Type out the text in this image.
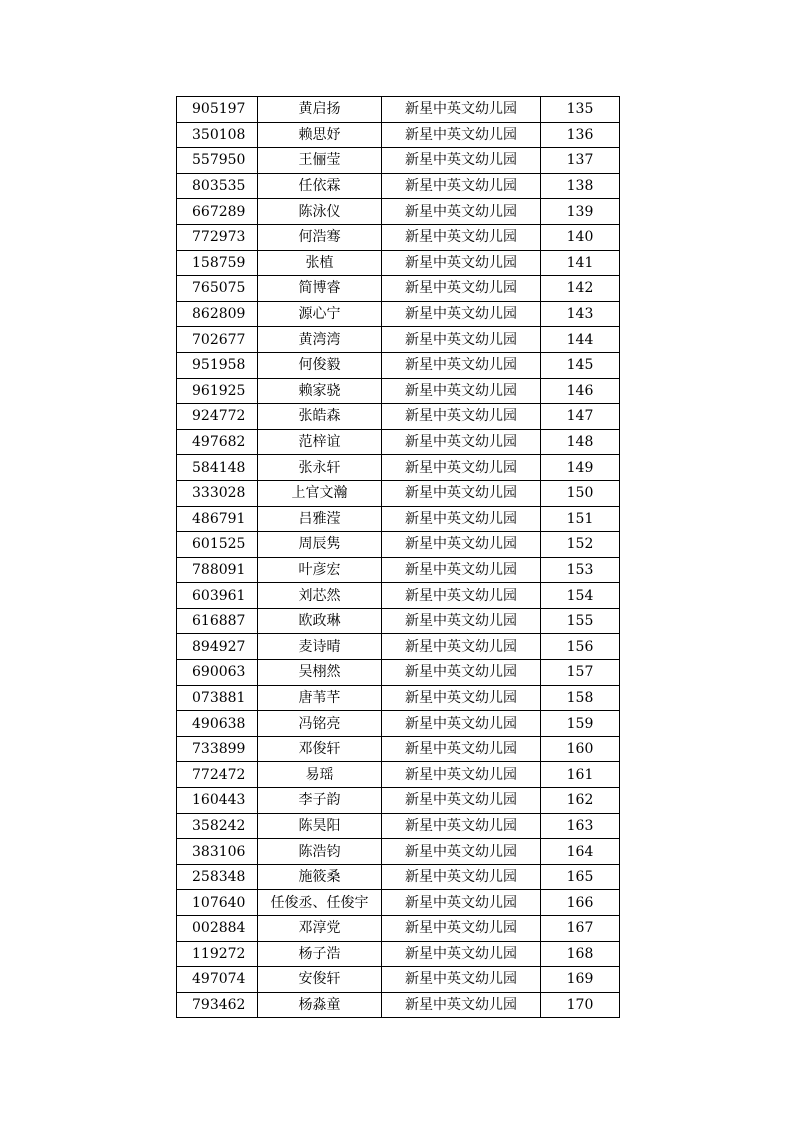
905197	黄启扬	新星中英文幼儿园	135
350108	赖思妤	新星中英文幼儿园	136
557950	王俪莹	新星中英文幼儿园	137
803535	任依霖	新星中英文幼儿园	138
667289	陈泳仪	新星中英文幼儿园	139
772973	何浩骞	新星中英文幼儿园	140
158759	张植	新星中英文幼儿园	141
765075	简博睿	新星中英文幼儿园	142
862809	源心宁	新星中英文幼儿园	143
702677	黄湾湾	新星中英文幼儿园	144
951958	何俊毅	新星中英文幼儿园	145
961925	赖家骁	新星中英文幼儿园	146
924772	张皓森	新星中英文幼儿园	147
497682	范梓谊	新星中英文幼儿园	148
584148	张永轩	新星中英文幼儿园	149
333028	上官文瀚	新星中英文幼儿园	150
486791	吕雅滢	新星中英文幼儿园	151
601525	周辰隽	新星中英文幼儿园	152
788091	叶彦宏	新星中英文幼儿园	153
603961	刘芯然	新星中英文幼儿园	154
616887	欧政琳	新星中英文幼儿园	155
894927	麦诗晴	新星中英文幼儿园	156
690063	吴栩然	新星中英文幼儿园	157
073881	唐苇芊	新星中英文幼儿园	158
490638	冯铭亮	新星中英文幼儿园	159
733899	邓俊轩	新星中英文幼儿园	160
772472	易瑶	新星中英文幼儿园	161
160443	李子韵	新星中英文幼儿园	162
358242	陈昊阳	新星中英文幼儿园	163
383106	陈浩钧	新星中英文幼儿园	164
258348	施筱桑	新星中英文幼儿园	165
107640	任俊丞、任俊宇	新星中英文幼儿园	166
002884	邓淳党	新星中英文幼儿园	167
119272	杨子浩	新星中英文幼儿园	168
497074	安俊轩	新星中英文幼儿园	169
793462	杨淼童	新星中英文幼儿园	170
